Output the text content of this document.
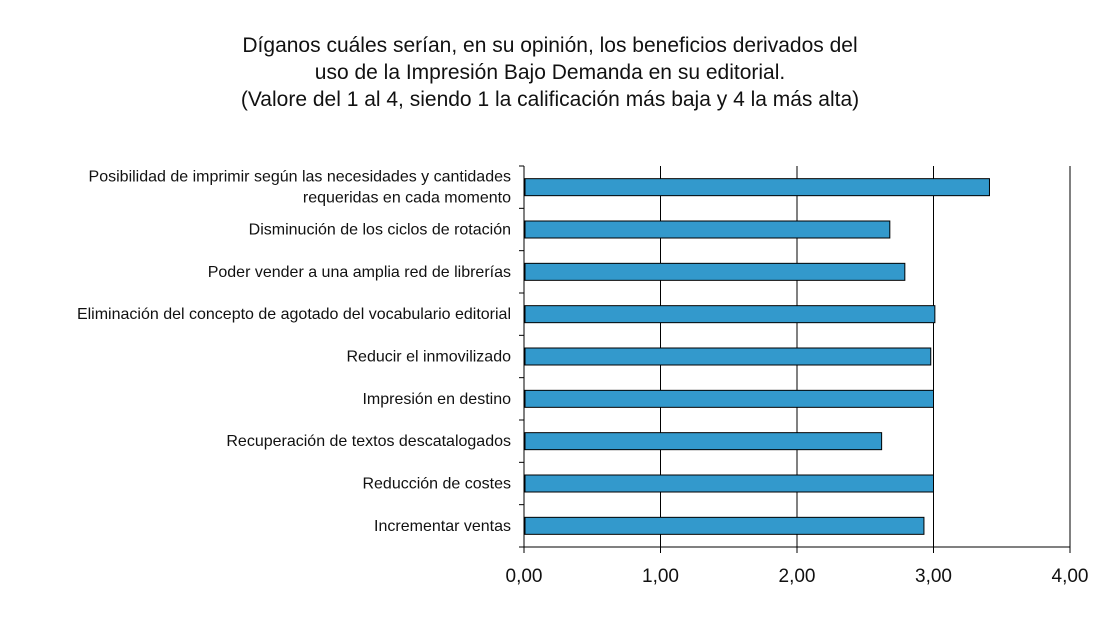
Díganos cuáles serían, en su opinión, los beneficios derivados del
uso de la Impresión Bajo Demanda en su editorial.
(Valore del 1 al 4, siendo 1 la calificación más baja y 4 la más alta)
Posibilidad de imprimir según las necesidades y cantidades
requeridas en cada momento
Disminución de los ciclos de rotación
Poder vender a una amplia red de librerías
Eliminación del concepto de agotado del vocabulario editorial
Reducir el inmovilizado
Impresión en destino
Recuperación de textos descatalogados
Reducción de costes
Incrementar ventas
0,00	1,00	2,00	3,00	4,00
